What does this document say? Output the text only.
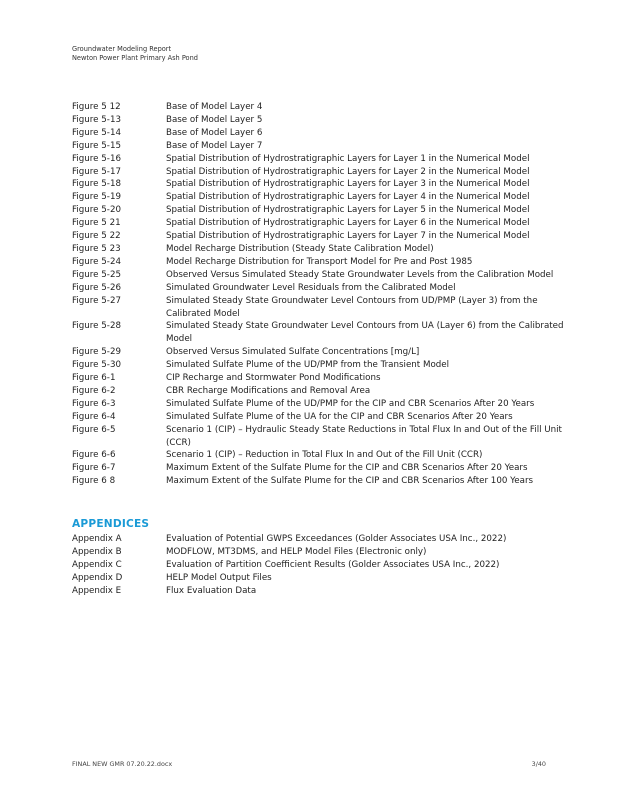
Groundwater Modeling Report
Newton Power Plant Primary Ash Pond
Figure 5 12	Base of Model Layer 4
Figure 5-13	Base of Model Layer 5
Figure 5-14	Base of Model Layer 6
Figure 5-15	Base of Model Layer 7
Figure 5-16	Spatial Distribution of Hydrostratigraphic Layers for Layer 1 in the Numerical Model
Figure 5-17	Spatial Distribution of Hydrostratigraphic Layers for Layer 2 in the Numerical Model
Figure 5-18	Spatial Distribution of Hydrostratigraphic Layers for Layer 3 in the Numerical Model
Figure 5-19	Spatial Distribution of Hydrostratigraphic Layers for Layer 4 in the Numerical Model
Figure 5-20	Spatial Distribution of Hydrostratigraphic Layers for Layer 5 in the Numerical Model
Figure 5 21	Spatial Distribution of Hydrostratigraphic Layers for Layer 6 in the Numerical Model
Figure 5 22	Spatial Distribution of Hydrostratigraphic Layers for Layer 7 in the Numerical Model
Figure 5 23	Model Recharge Distribution (Steady State Calibration Model)
Figure 5-24	Model Recharge Distribution for Transport Model for Pre and Post 1985
Figure 5-25	Observed Versus Simulated Steady State Groundwater Levels from the Calibration Model
Figure 5-26	Simulated Groundwater Level Residuals from the Calibrated Model
Figure 5-27	Simulated Steady State Groundwater Level Contours from UD/PMP (Layer 3) from the Calibrated Model
Figure 5-28	Simulated Steady State Groundwater Level Contours from UA (Layer 6) from the Calibrated Model
Figure 5-29	Observed Versus Simulated Sulfate Concentrations [mg/L]
Figure 5-30	Simulated Sulfate Plume of the UD/PMP from the Transient Model
Figure 6-1	CIP Recharge and Stormwater Pond Modifications
Figure 6-2	CBR Recharge Modifications and Removal Area
Figure 6-3	Simulated Sulfate Plume of the UD/PMP for the CIP and CBR Scenarios After 20 Years
Figure 6-4	Simulated Sulfate Plume of the UA for the CIP and CBR Scenarios After 20 Years
Figure 6-5	Scenario 1 (CIP) – Hydraulic Steady State Reductions in Total Flux In and Out of the Fill Unit (CCR)
Figure 6-6	Scenario 1 (CIP) – Reduction in Total Flux In and Out of the Fill Unit (CCR)
Figure 6-7	Maximum Extent of the Sulfate Plume for the CIP and CBR Scenarios After 20 Years
Figure 6 8	Maximum Extent of the Sulfate Plume for the CIP and CBR Scenarios After 100 Years
APPENDICES
Appendix A	Evaluation of Potential GWPS Exceedances (Golder Associates USA Inc., 2022)
Appendix B	MODFLOW, MT3DMS, and HELP Model Files (Electronic only)
Appendix C	Evaluation of Partition Coefficient Results (Golder Associates USA Inc., 2022)
Appendix D	HELP Model Output Files
Appendix E	Flux Evaluation Data
FINAL NEW GMR 07.20.22.docx	3/40
